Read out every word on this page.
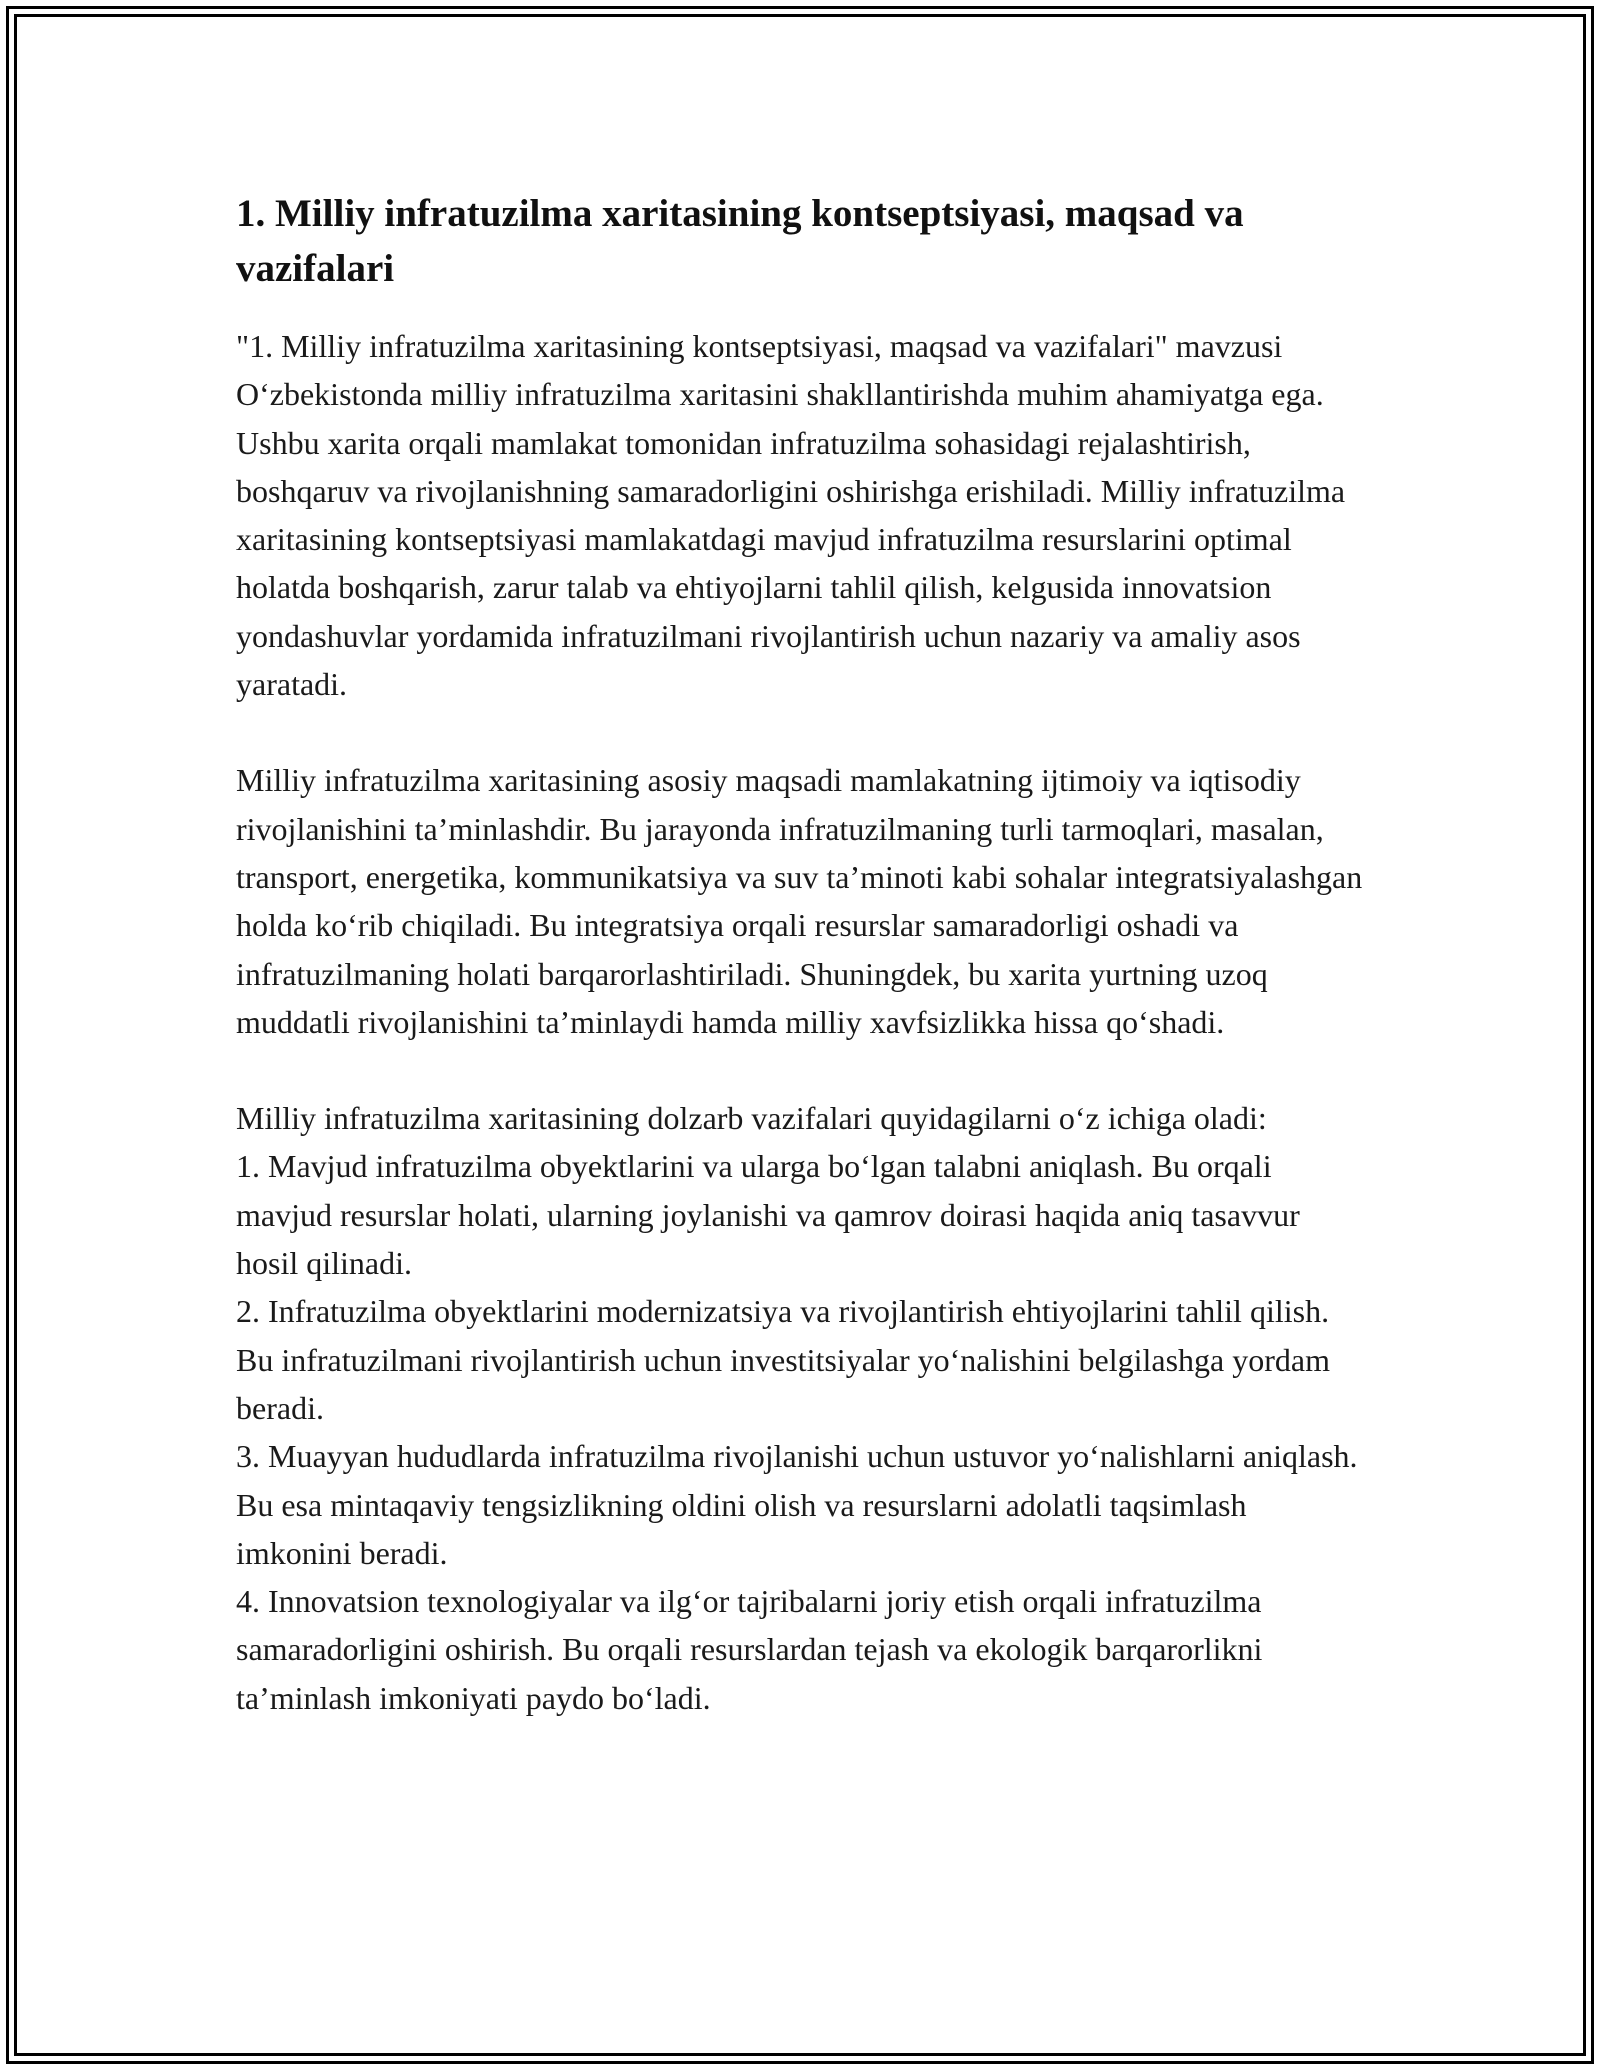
1. Milliy infratuzilma xaritasining kontseptsiyasi, maqsad va vazifalari

"1. Milliy infratuzilma xaritasining kontseptsiyasi, maqsad va vazifalari" mavzusi O‘zbekistonda milliy infratuzilma xaritasini shakllantirishda muhim ahamiyatga ega. Ushbu xarita orqali mamlakat tomonidan infratuzilma sohasidagi rejalashtirish, boshqaruv va rivojlanishning samaradorligini oshirishga erishiladi. Milliy infratuzilma xaritasining kontseptsiyasi mamlakatdagi mavjud infratuzilma resurslarini optimal holatda boshqarish, zarur talab va ehtiyojlarni tahlil qilish, kelgusida innovatsion yondashuvlar yordamida infratuzilmani rivojlantirish uchun nazariy va amaliy asos yaratadi.

Milliy infratuzilma xaritasining asosiy maqsadi mamlakatning ijtimoiy va iqtisodiy rivojlanishini ta’minlashdir. Bu jarayonda infratuzilmaning turli tarmoqlari, masalan, transport, energetika, kommunikatsiya va suv ta’minoti kabi sohalar integratsiyalashgan holda ko‘rib chiqiladi. Bu integratsiya orqali resurslar samaradorligi oshadi va infratuzilmaning holati barqarorlashtiriladi. Shuningdek, bu xarita yurtning uzoq muddatli rivojlanishini ta’minlaydi hamda milliy xavfsizlikka hissa qo‘shadi.

Milliy infratuzilma xaritasining dolzarb vazifalari quyidagilarni o‘z ichiga oladi:

1. Mavjud infratuzilma obyektlarini va ularga bo‘lgan talabni aniqlash. Bu orqali mavjud resurslar holati, ularning joylanishi va qamrov doirasi haqida aniq tasavvur hosil qilinadi.

2. Infratuzilma obyektlarini modernizatsiya va rivojlantirish ehtiyojlarini tahlil qilish. Bu infratuzilmani rivojlantirish uchun investitsiyalar yo‘nalishini belgilashga yordam beradi.

3. Muayyan hududlarda infratuzilma rivojlanishi uchun ustuvor yo‘nalishlarni aniqlash. Bu esa mintaqaviy tengsizlikning oldini olish va resurslarni adolatli taqsimlash imkonini beradi.

4. Innovatsion texnologiyalar va ilg‘or tajribalarni joriy etish orqali infratuzilma samaradorligini oshirish. Bu orqali resurslardan tejash va ekologik barqarorlikni ta’minlash imkoniyati paydo bo‘ladi.
